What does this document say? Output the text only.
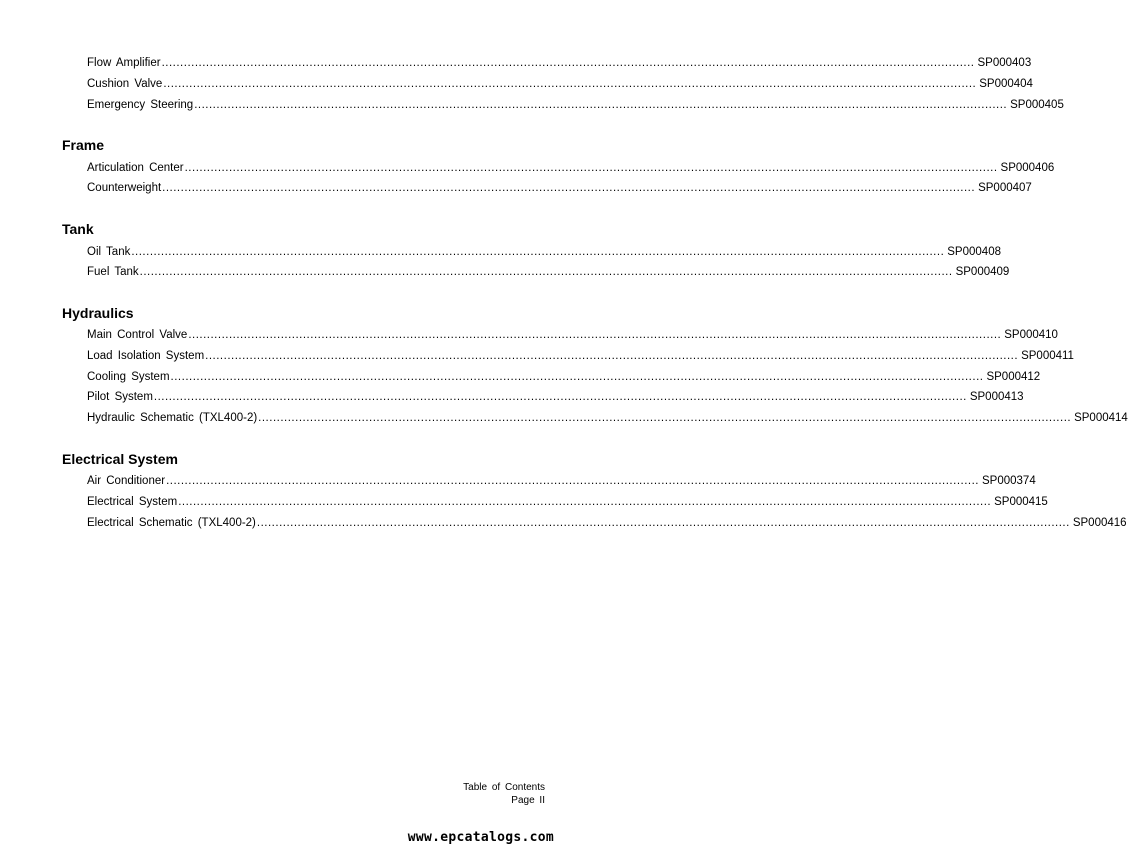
Flow Amplifier ............................................................................................................................................................................................................................ SP000403
Cushion Valve ............................................................................................................................................................................................................................ SP000404
Emergency Steering ............................................................................................................................................................................................................................ SP000405
Frame
Articulation Center ............................................................................................................................................................................................................................ SP000406
Counterweight ............................................................................................................................................................................................................................ SP000407
Tank
Oil Tank ............................................................................................................................................................................................................................ SP000408
Fuel Tank ............................................................................................................................................................................................................................ SP000409
Hydraulics
Main Control Valve ............................................................................................................................................................................................................................ SP000410
Load Isolation System ............................................................................................................................................................................................................................ SP000411
Cooling System ............................................................................................................................................................................................................................ SP000412
Pilot System ............................................................................................................................................................................................................................ SP000413
Hydraulic Schematic (TXL400-2) ............................................................................................................................................................................................................................ SP000414
Electrical System
Air Conditioner ............................................................................................................................................................................................................................ SP000374
Electrical System ............................................................................................................................................................................................................................ SP000415
Electrical Schematic (TXL400-2) ............................................................................................................................................................................................................................ SP000416
Table of Contents
Page II
www.epcatalogs.com
